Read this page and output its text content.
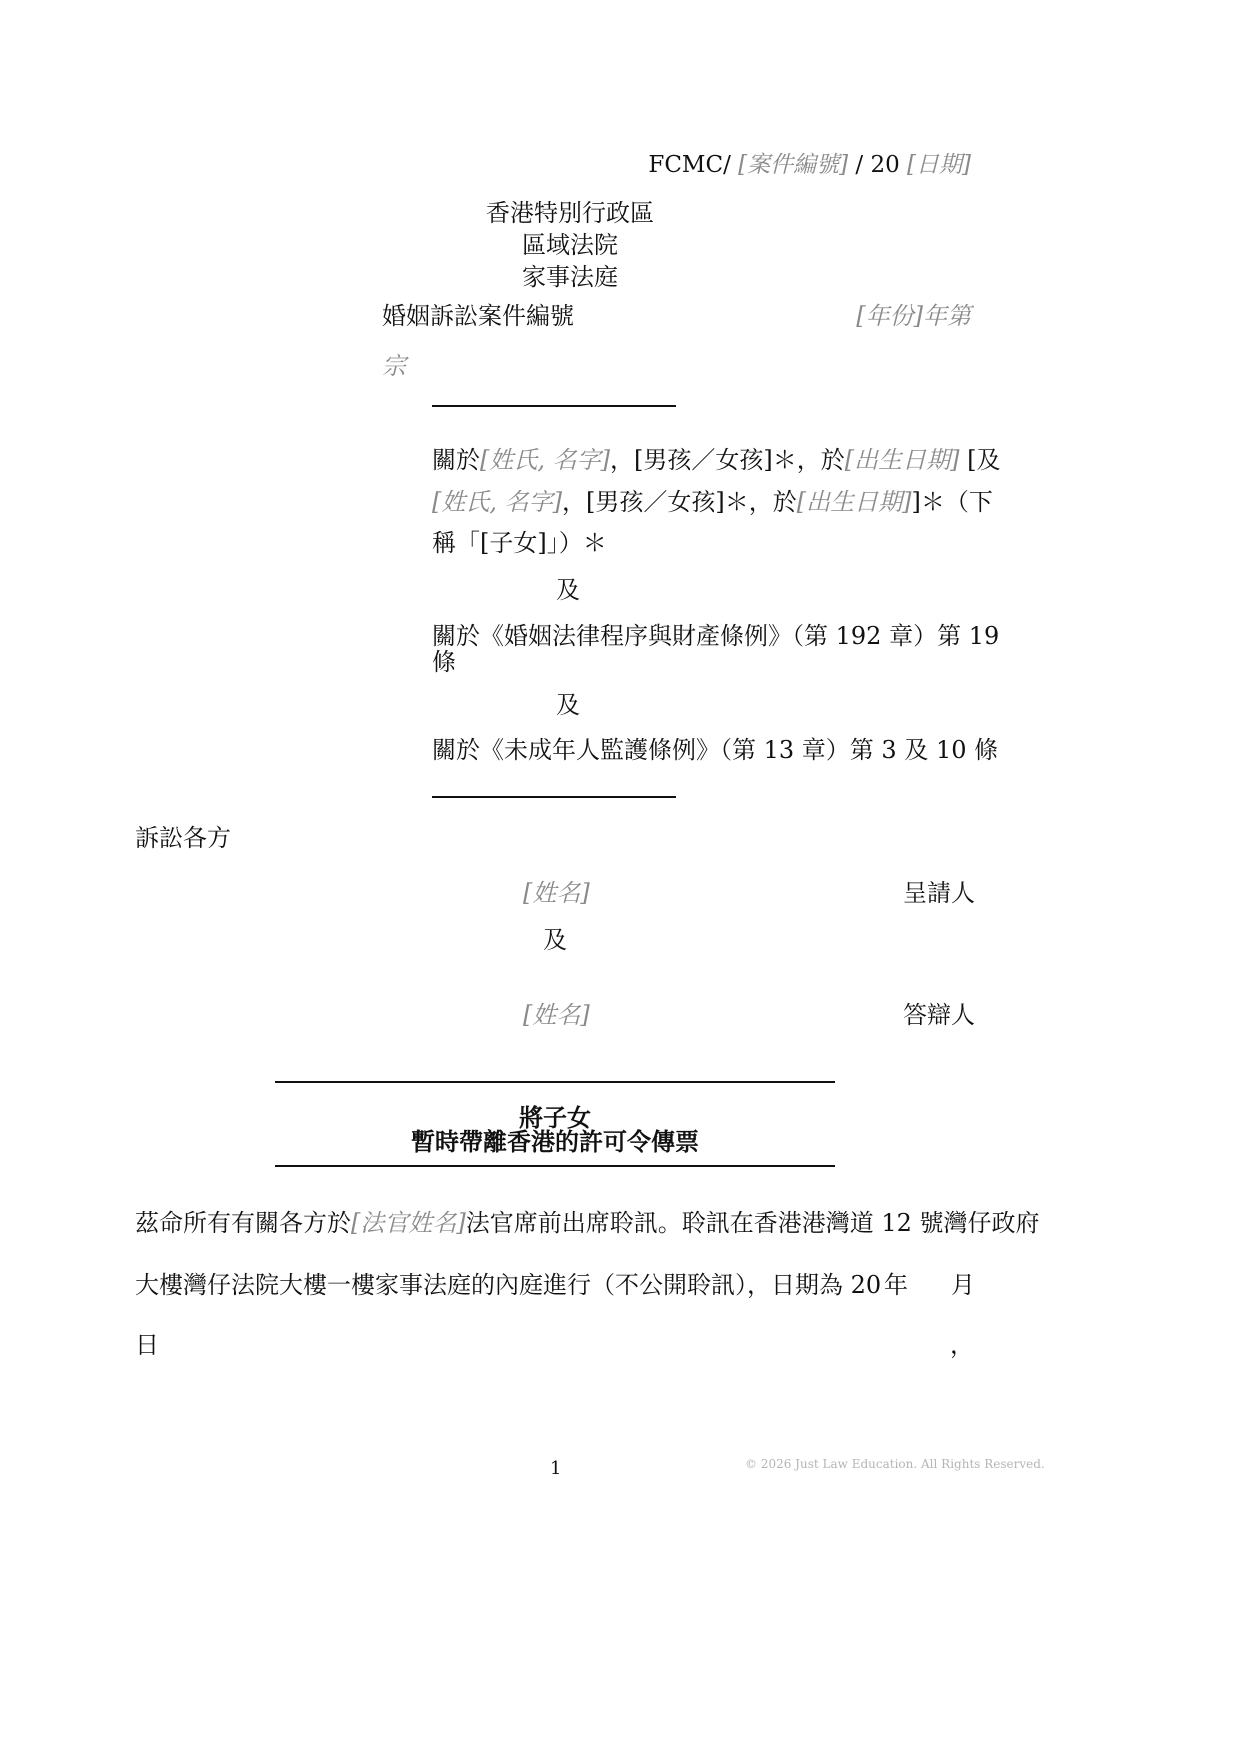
FCMC/ [案件編號] / 20 [日期]
香港特別行政區
區域法院
家事法庭
婚姻訴訟案件編號	[年份]年第
宗
關於[姓氏, 名字]，[男孩／女孩]＊，於[出生日期] [及
[姓氏, 名字]，[男孩／女孩]＊，於[出生日期]]＊（下
稱「[子女]」）＊
及
關於《婚姻法律程序與財產條例》（第 192 章）第 19
條
及
關於《未成年人監護條例》（第 13 章）第 3 及 10 條
訴訟各方
[姓名]	呈請人
及
[姓名]	答辯人
將子女
暫時帶離香港的許可令傳票
茲命所有有關各方於[法官姓名]法官席前出席聆訊。聆訊在香港港灣道 12 號灣仔政府
大樓灣仔法院大樓一樓家事法庭的內庭進行（不公開聆訊），日期為 20 年 月
日	，
1	© 2026 Just Law Education. All Rights Reserved.
